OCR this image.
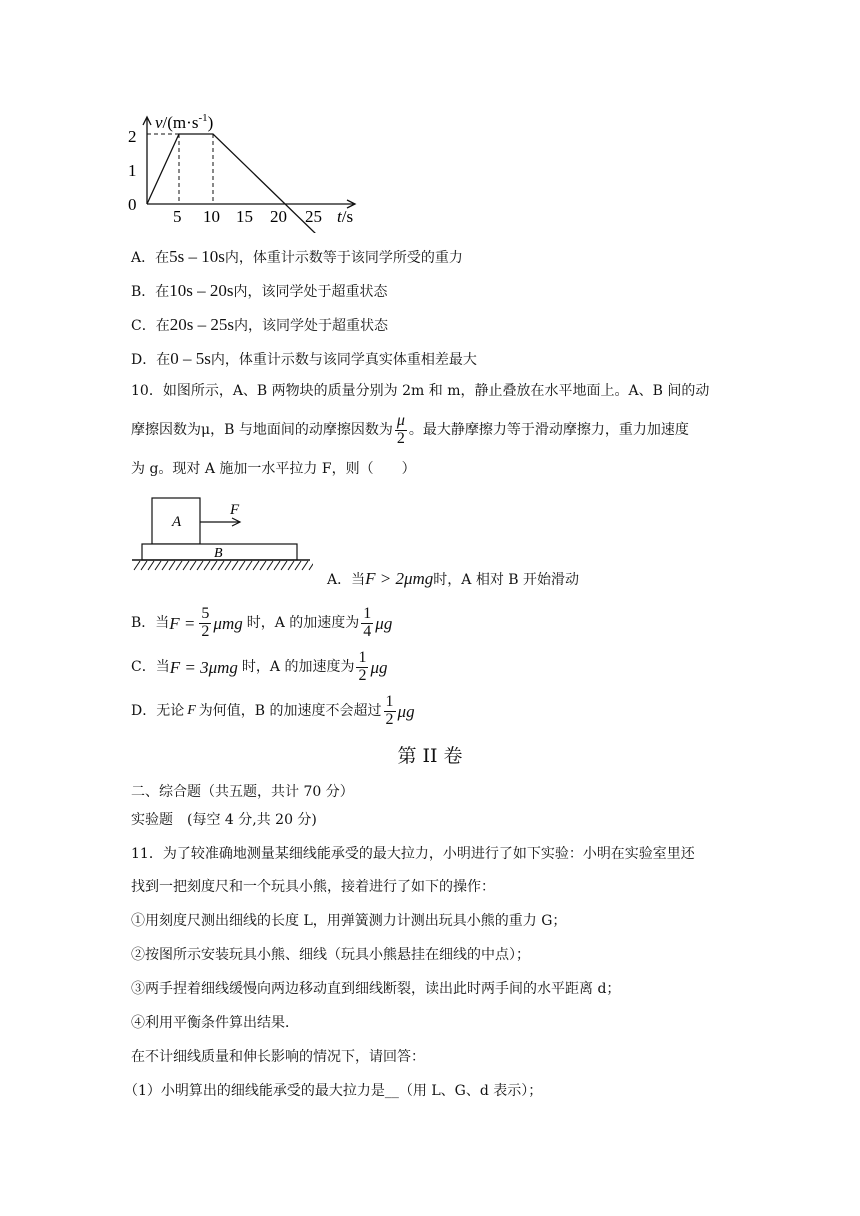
$v/(m\cdot s^{-1})$
2
1
0
5 10 15 20 25 t/s
A．在5s – 10s内，体重计示数等于该同学所受的重力
B．在10s – 20s内，该同学处于超重状态
C．在20s – 25s内，该同学处于超重状态
D．在0 – 5s内，体重计示数与该同学真实体重相差最大
10．如图所示，A、B 两物块的质量分别为 2m 和 m，静止叠放在水平地面上。A、B 间的动
摩擦因数为μ，B 与地面间的动摩擦因数为 $\frac{\mu}{2}$ 。最大静摩擦力等于滑动摩擦力，重力加速度
为 g。现对 A 施加一水平拉力 F，则（　　）
A
F
B
A．当F > 2μmg时，A 相对 B 开始滑动
B．当 $F = \frac{5}{2}$ μmg 时，A 的加速度为 $\frac{1}{4}$ μg
C．当 F = 3μmg 时，A 的加速度为 $\frac{1}{2}$ μg
D．无论 F 为何值，B 的加速度不会超过 $\frac{1}{2}$ μg
第 II 卷
二、综合题（共五题，共计 70 分）
实验题　(每空 4 分,共 20 分)
11．为了较准确地测量某细线能承受的最大拉力，小明进行了如下实验：小明在实验室里还
找到一把刻度尺和一个玩具小熊，接着进行了如下的操作：
①用刻度尺测出细线的长度 L，用弹簧测力计测出玩具小熊的重力 G；
②按图所示安装玩具小熊、细线（玩具小熊悬挂在细线的中点）；
③两手捏着细线缓慢向两边移动直到细线断裂，读出此时两手间的水平距离 d；
④利用平衡条件算出结果．
在不计细线质量和伸长影响的情况下，请回答：
（1）小明算出的细线能承受的最大拉力是__（用 L、G、d 表示）；
